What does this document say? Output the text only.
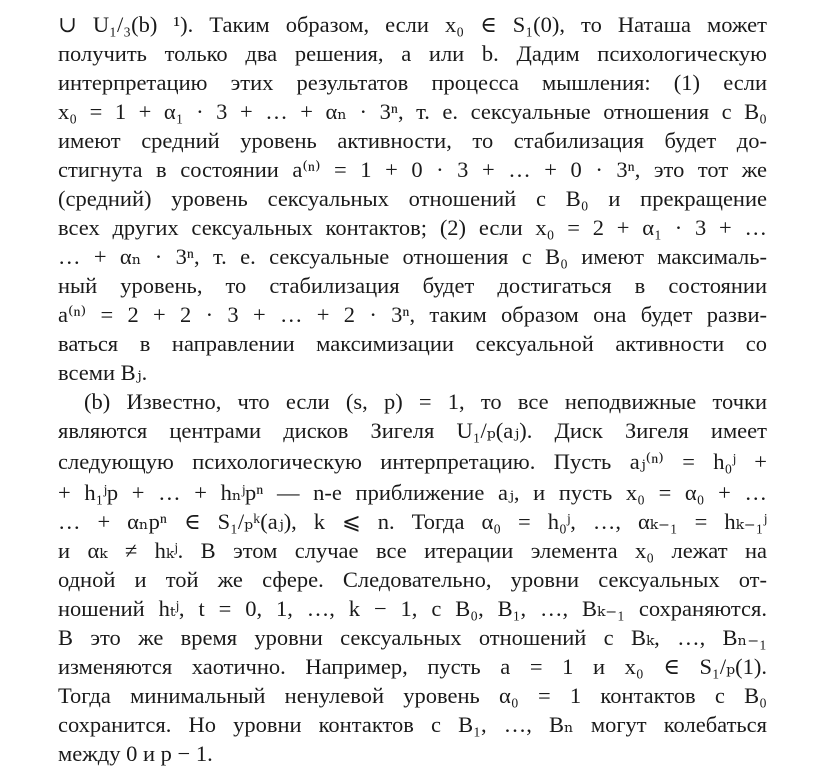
∪ U₁/₃(b) ¹). Таким образом, если x₀ ∈ S₁(0), то Наташа может
получить только два решения, a или b. Дадим психологическую
интерпретацию этих результатов процесса мышления: (1) если
x₀ = 1 + α₁ · 3 + … + αₙ · 3ⁿ, т. е. сексуальные отношения с B₀
имеют средний уровень активности, то стабилизация будет до-
стигнута в состоянии a⁽ⁿ⁾ = 1 + 0 · 3 + … + 0 · 3ⁿ, это тот же
(средний) уровень сексуальных отношений с B₀ и прекращение
всех других сексуальных контактов; (2) если x₀ = 2 + α₁ · 3 + …
… + αₙ · 3ⁿ, т. е. сексуальные отношения с B₀ имеют максималь-
ный уровень, то стабилизация будет достигаться в состоянии
a⁽ⁿ⁾ = 2 + 2 · 3 + … + 2 · 3ⁿ, таким образом она будет разви-
ваться в направлении максимизации сексуальной активности со
всеми Bⱼ.
(b) Известно, что если (s, p) = 1, то все неподвижные точки
являются центрами дисков Зигеля U₁/ₚ(aⱼ). Диск Зигеля имеет
следующую психологическую интерпретацию. Пусть aⱼ⁽ⁿ⁾ = h₀ʲ +
+ h₁ʲp + … + hₙʲpⁿ — n-е приближение aⱼ, и пусть x₀ = α₀ + …
… + αₙpⁿ ∈ S₁/ₚᵏ(aⱼ), k ⩽ n. Тогда α₀ = h₀ʲ, …, αₖ₋₁ = hₖ₋₁ʲ
и αₖ ≠ hₖʲ. В этом случае все итерации элемента x₀ лежат на
одной и той же сфере. Следовательно, уровни сексуальных от-
ношений hₜʲ, t = 0, 1, …, k − 1, с B₀, B₁, …, Bₖ₋₁ сохраняются.
В это же время уровни сексуальных отношений с Bₖ, …, Bₙ₋₁
изменяются хаотично. Например, пусть a = 1 и x₀ ∈ S₁/ₚ(1).
Тогда минимальный ненулевой уровень α₀ = 1 контактов с B₀
сохранится. Но уровни контактов с B₁, …, Bₙ могут колебаться
между 0 и p − 1.
